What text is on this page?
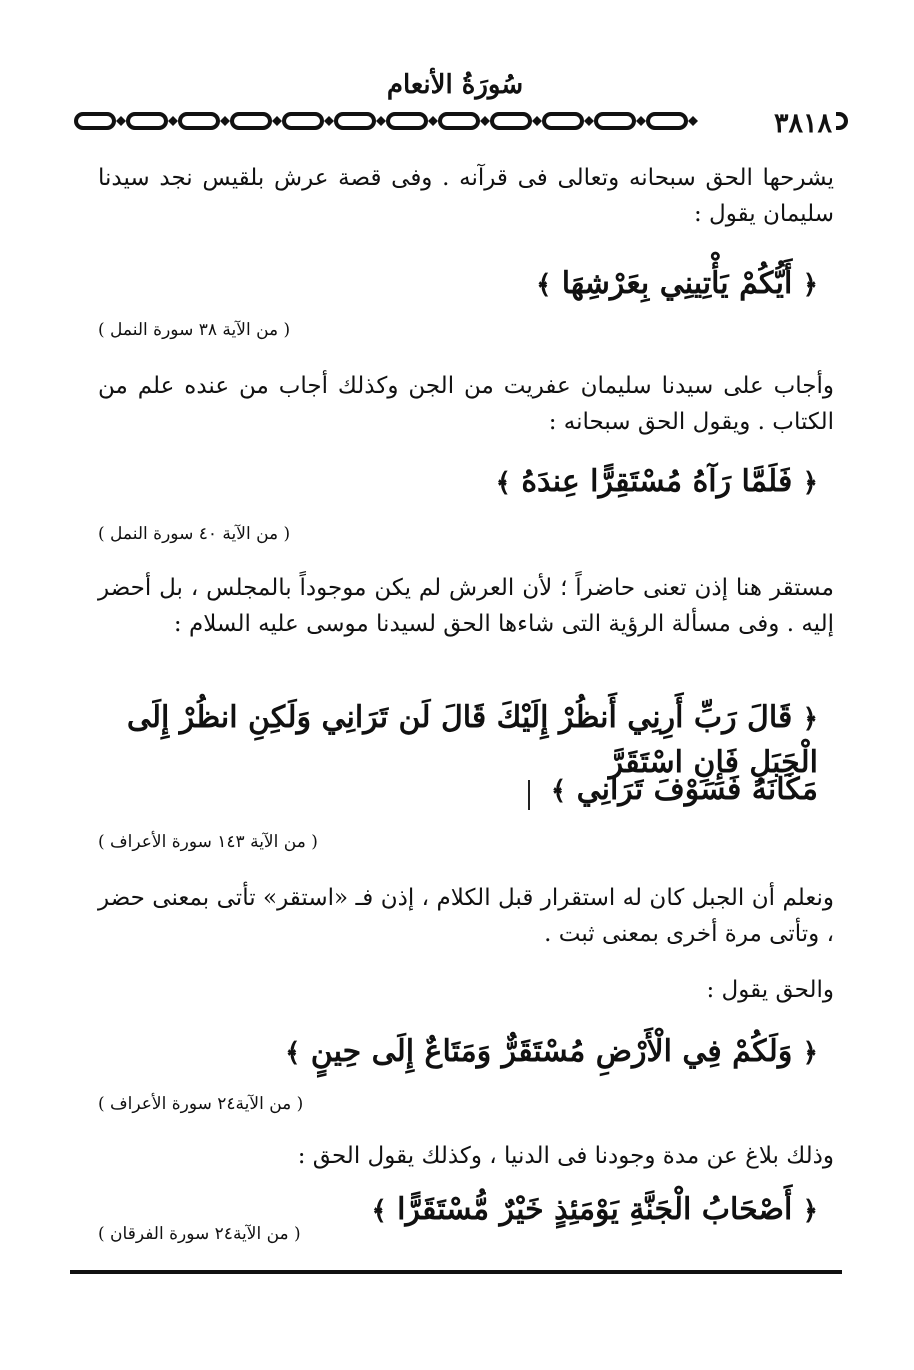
سُورَةُ الأنعام
٣٨١٨
يشرحها الحق سبحانه وتعالى فى قرآنه . وفى قصة عرش بلقيس نجد سيدنا سليمان يقول :
﴿ أَيُّكُمْ يَأْتِينِي بِعَرْشِهَا ﴾
( من الآية ٣٨ سورة النمل )
وأجاب على سيدنا سليمان عفريت من الجن وكذلك أجاب من عنده علم من الكتاب . ويقول الحق سبحانه :
﴿ فَلَمَّا رَآهُ مُسْتَقِرًّا عِندَهُ ﴾
( من الآية ٤٠ سورة النمل )
مستقر هنا إذن تعنى حاضراً ؛ لأن العرش لم يكن موجوداً بالمجلس ، بل أحضر إليه . وفى مسألة الرؤية التى شاءها الحق لسيدنا موسى عليه السلام :
﴿ قَالَ رَبِّ أَرِنِي أَنظُرْ إِلَيْكَ قَالَ لَن تَرَانِي وَلَكِنِ انظُرْ إِلَى الْجَبَلِ فَإِنِ اسْتَقَرَّ
مَكَانَهُ فَسَوْفَ تَرَانِي ﴾
( من الآية ١٤٣ سورة الأعراف )
ونعلم أن الجبل كان له استقرار قبل الكلام ، إذن فـ «استقر» تأتى بمعنى حضر ، وتأتى مرة أخرى بمعنى ثبت .
والحق يقول :
﴿ وَلَكُمْ فِي الْأَرْضِ مُسْتَقَرٌّ وَمَتَاعٌ إِلَى حِينٍ ﴾
( من الآية٢٤ سورة الأعراف )
وذلك بلاغ عن مدة وجودنا فى الدنيا ، وكذلك يقول الحق :
﴿ أَصْحَابُ الْجَنَّةِ يَوْمَئِذٍ خَيْرٌ مُّسْتَقَرًّا ﴾
( من الآية٢٤ سورة الفرقان )
